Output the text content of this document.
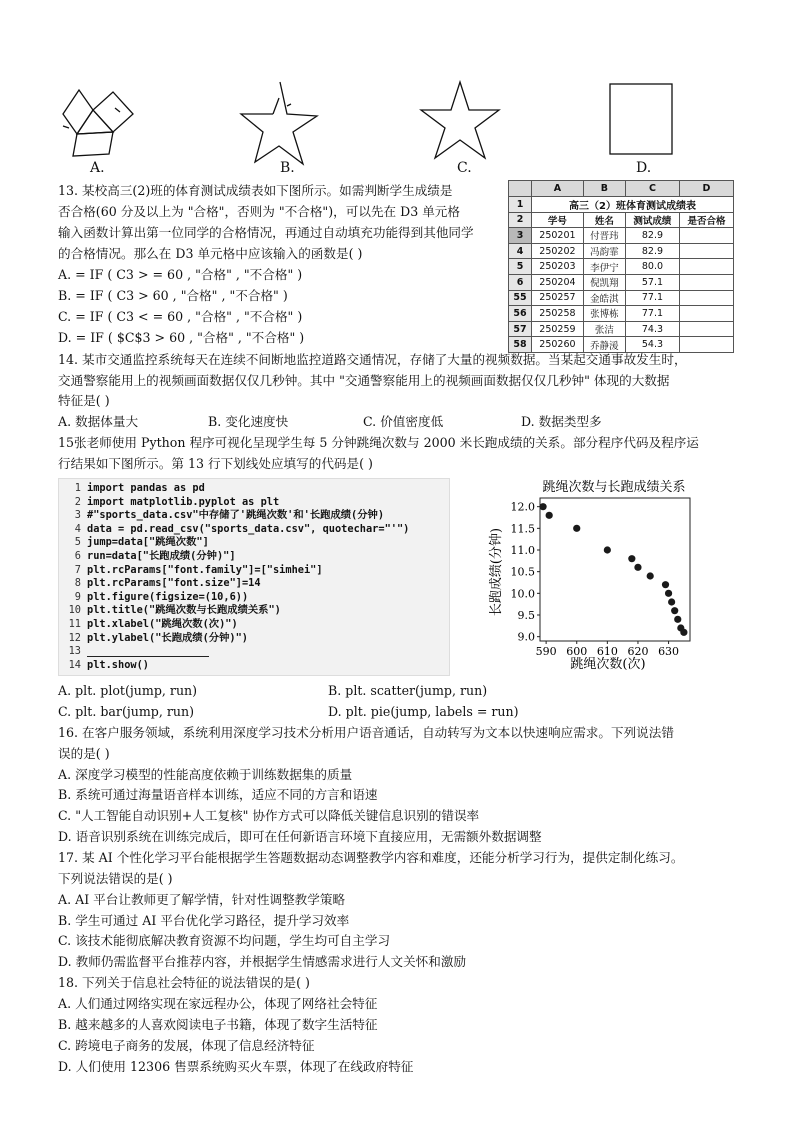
A.	B.	C.	D.
13. 某校高三(2)班的体育测试成绩表如下图所示。如需判断学生成绩是
否合格(60 分及以上为 "合格"，否则为 "不合格")，可以先在 D3 单元格
输入函数计算出第一位同学的合格情况，再通过自动填充功能得到其他同学
的合格情况。那么在 D3 单元格中应该输入的函数是( )
A. = IF ( C3 > = 60 , "合格" , "不合格" )
B. = IF ( C3 > 60 , "合格" , "不合格" )
C. = IF ( C3 < = 60 , "合格" , "不合格" )
D. = IF ( $C$3 > 60 , "合格" , "不合格" )
	A	B	C	D
1	高三（2）班体育测试成绩表			
2	学号	姓名	测试成绩	是否合格
3	250201	付晋玮	82.9	
4	250202	冯韵霏	82.9	
5	250203	李伊宁	80.0	
6	250204	倪凯翔	57.1	
55	250257	金皓淇	77.1	
56	250258	张博栋	77.1	
57	250259	张洁	74.3	
58	250260	乔静湲	54.3	
14. 某市交通监控系统每天在连续不间断地监控道路交通情况，存储了大量的视频数据。当某起交通事故发生时，
交通警察能用上的视频画面数据仅仅几秒钟。其中 "交通警察能用上的视频画面数据仅仅几秒钟" 体现的大数据
特征是( )
A. 数据体量大	B. 变化速度快	C. 价值密度低	D. 数据类型多
15张老师使用 Python 程序可视化呈现学生每 5 分钟跳绳次数与 2000 米长跑成绩的关系。部分程序代码及程序运
行结果如下图所示。第 13 行下划线处应填写的代码是( )
1 import pandas as pd
2 import matplotlib.pyplot as plt
3 #"sports_data.csv"中存储了'跳绳次数'和'长跑成绩(分钟)
4 data = pd.read_csv("sports_data.csv", quotechar="'")
5 jump=data["跳绳次数"]
6 run=data["长跑成绩(分钟)"]
7 plt.rcParams["font.family"]=["simhei"]
8 plt.rcParams["font.size"]=14
9 plt.figure(figsize=(10,6))
10 plt.title("跳绳次数与长跑成绩关系")
11 plt.xlabel("跳绳次数(次)")
12 plt.ylabel("长跑成绩(分钟)")
13
14 plt.show()
跳绳次数与长跑成绩关系
跳绳次数(次)
长跑成绩(分钟)
590 600 610 620 630
9.0
9.5
10.0
10.5
11.0
11.5
12.0
A. plt. plot(jump, run)	B. plt. scatter(jump, run)
C. plt. bar(jump, run)	D. plt. pie(jump, labels = run)
16. 在客户服务领域，系统利用深度学习技术分析用户语音通话，自动转写为文本以快速响应需求。下列说法错
误的是( )
A. 深度学习模型的性能高度依赖于训练数据集的质量
B. 系统可通过海量语音样本训练，适应不同的方言和语速
C. "人工智能自动识别+人工复核" 协作方式可以降低关键信息识别的错误率
D. 语音识别系统在训练完成后，即可在任何新语言环境下直接应用，无需额外数据调整
17. 某 AI 个性化学习平台能根据学生答题数据动态调整教学内容和难度，还能分析学习行为，提供定制化练习。
下列说法错误的是( )
A. AI 平台让教师更了解学情，针对性调整教学策略
B. 学生可通过 AI 平台优化学习路径，提升学习效率
C. 该技术能彻底解决教育资源不均问题，学生均可自主学习
D. 教师仍需监督平台推荐内容，并根据学生情感需求进行人文关怀和激励
18. 下列关于信息社会特征的说法错误的是( )
A. 人们通过网络实现在家远程办公，体现了网络社会特征
B. 越来越多的人喜欢阅读电子书籍，体现了数字生活特征
C. 跨境电子商务的发展，体现了信息经济特征
D. 人们使用 12306 售票系统购买火车票，体现了在线政府特征
